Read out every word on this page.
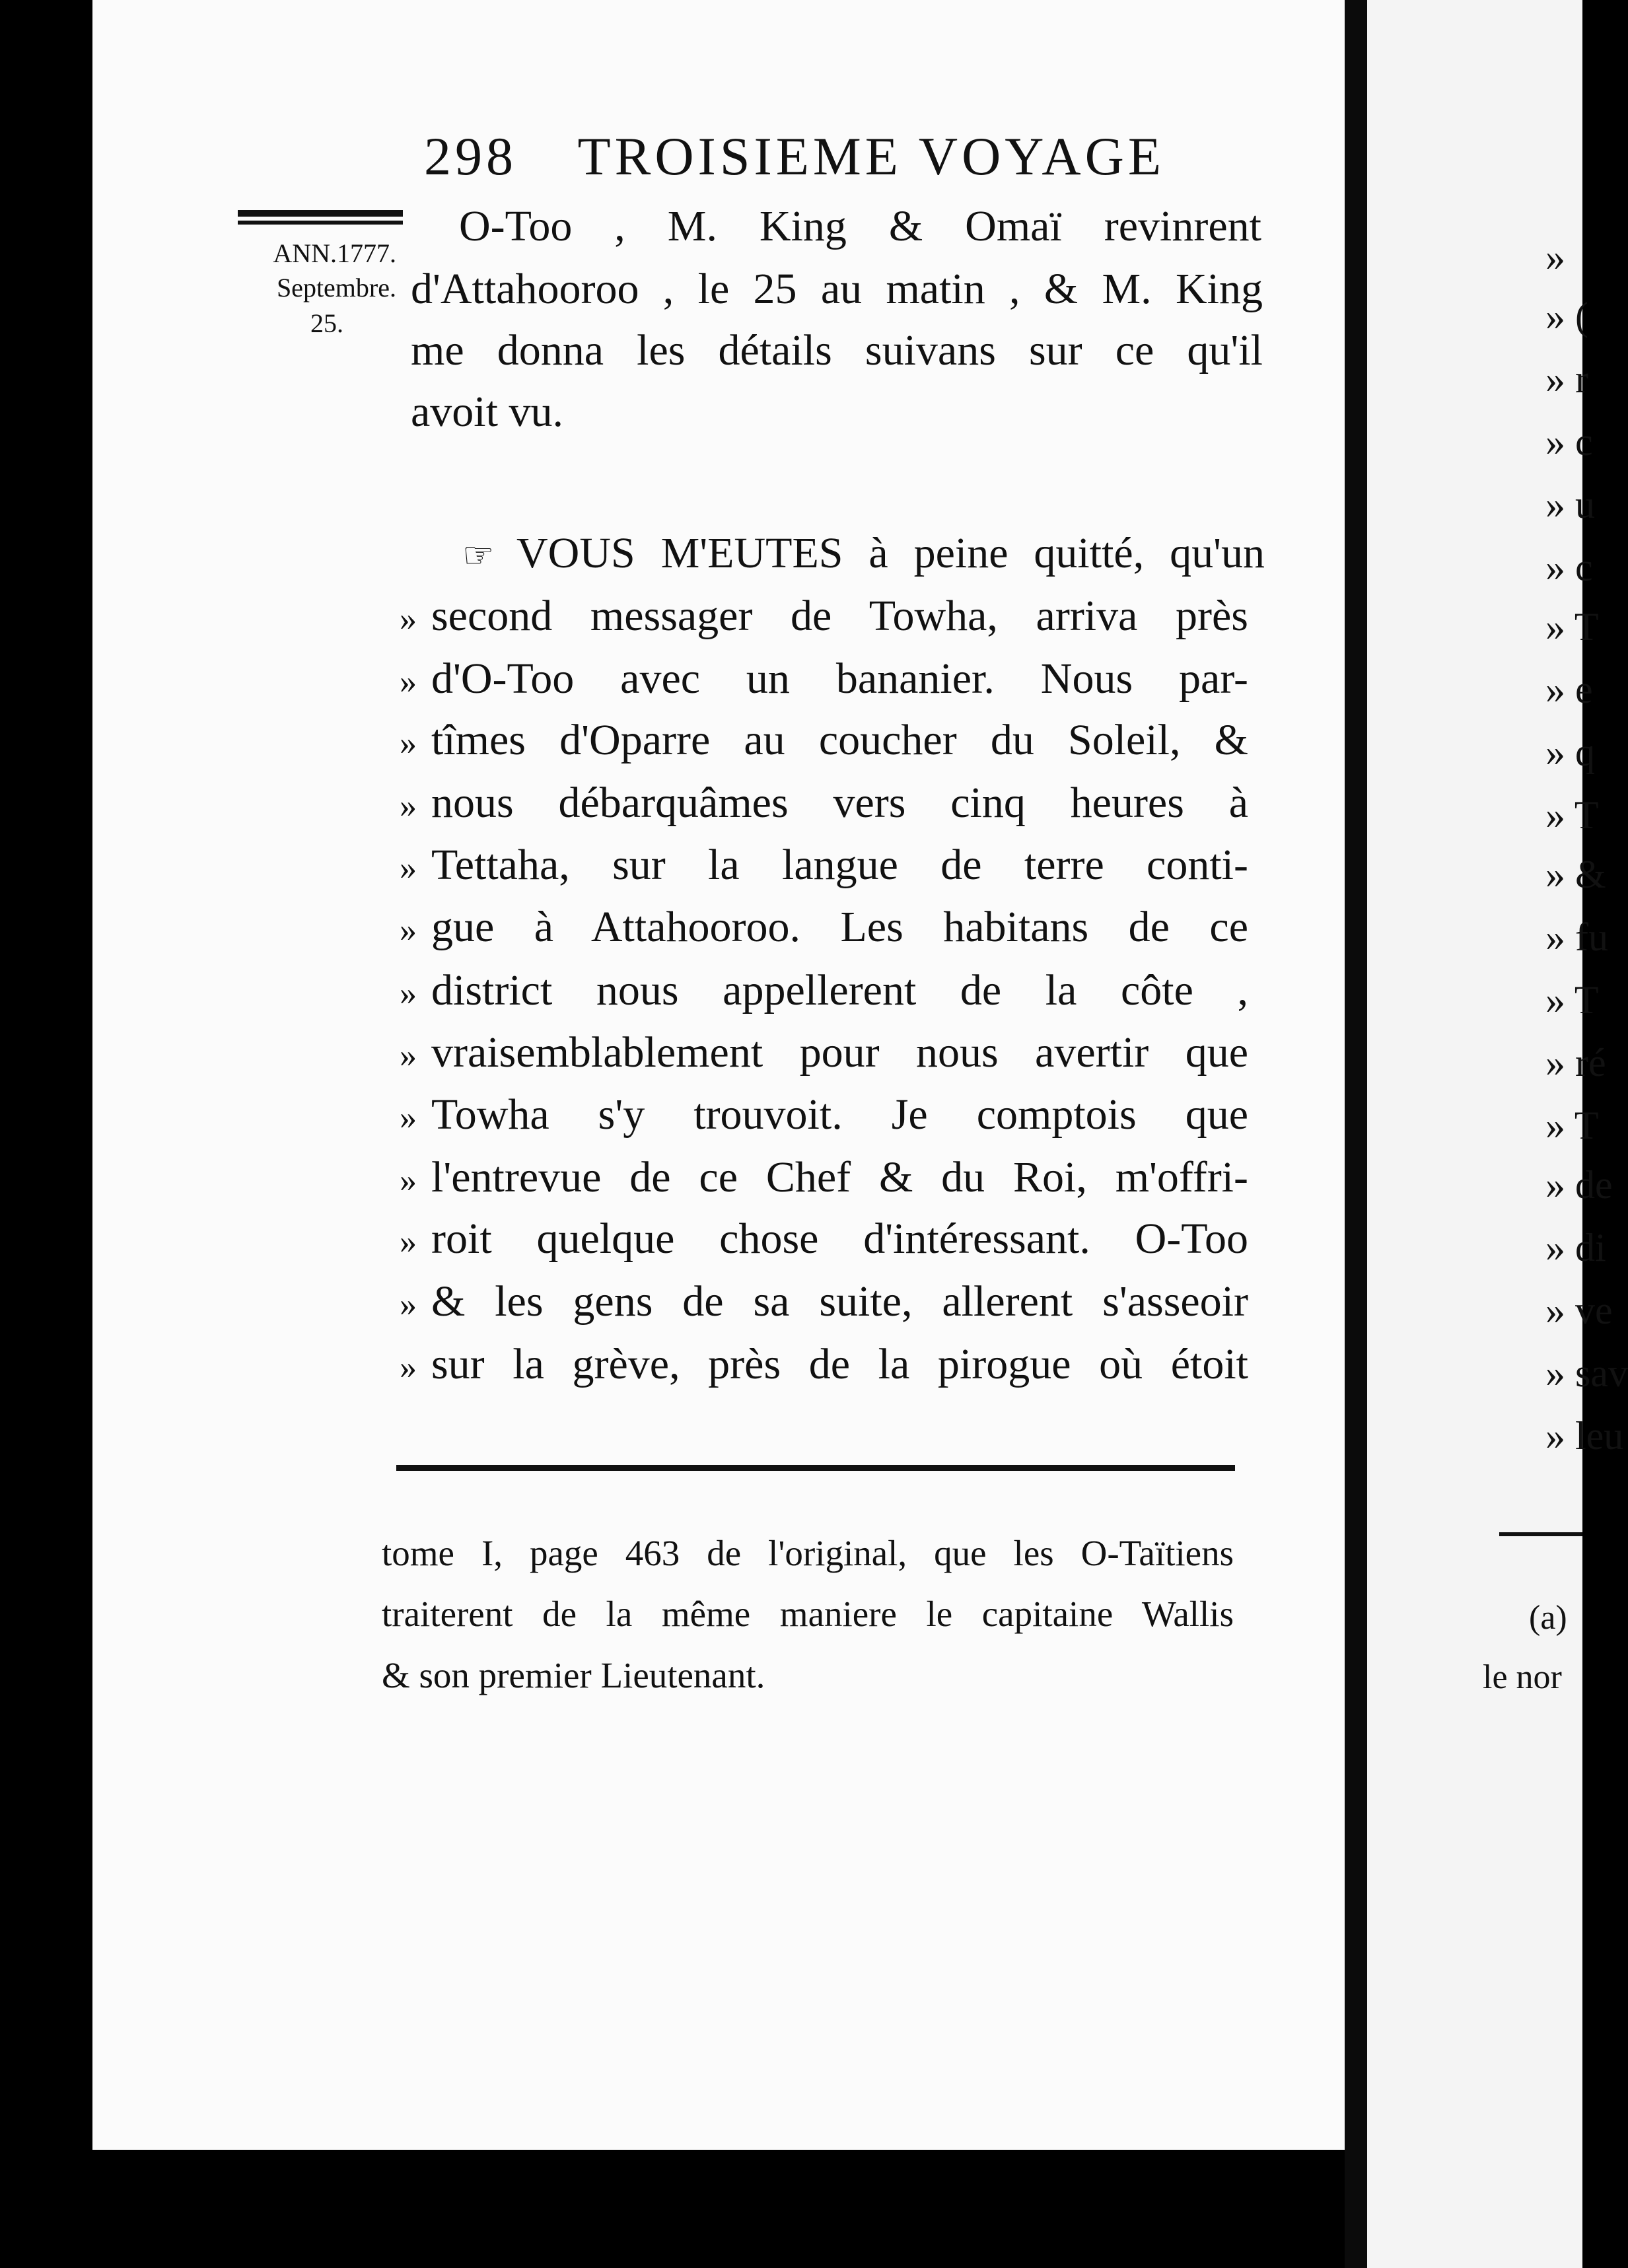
298 TROISIEME VOYAGE
ANN.1777.
Septembre.
25.
O-Too , M. King & Omaï revinrent
d'Attahooroo , le 25 au matin , & M. King
me donna les détails suivans sur ce qu'il
avoit vu.
☞ VOUS M'EUTES à peine quitté, qu'un
» second messager de Towha, arriva près
» d'O-Too avec un bananier. Nous par-
» tîmes d'Oparre au coucher du Soleil, &
» nous débarquâmes vers cinq heures à
» Tettaha, sur la langue de terre conti-
» gue à Attahooroo. Les habitans de ce
» district nous appellerent de la côte ,
» vraisemblablement pour nous avertir que
» Towha s'y trouvoit. Je comptois que
» l'entrevue de ce Chef & du Roi, m'offri-
» roit quelque chose d'intéressant. O-Too
» & les gens de sa suite, allerent s'asseoir
» sur la grève, près de la pirogue où étoit
tome I, page 463 de l'original, que les O-Taïtiens
traiterent de la même maniere le capitaine Wallis
& son premier Lieutenant.
»
» (
» r
» c
» u
» c
» T
» e
» q
» T
» &
» fu
» T
» ré
» T
» de
» di
» ve
» sav
» leu
(a)
le nor
